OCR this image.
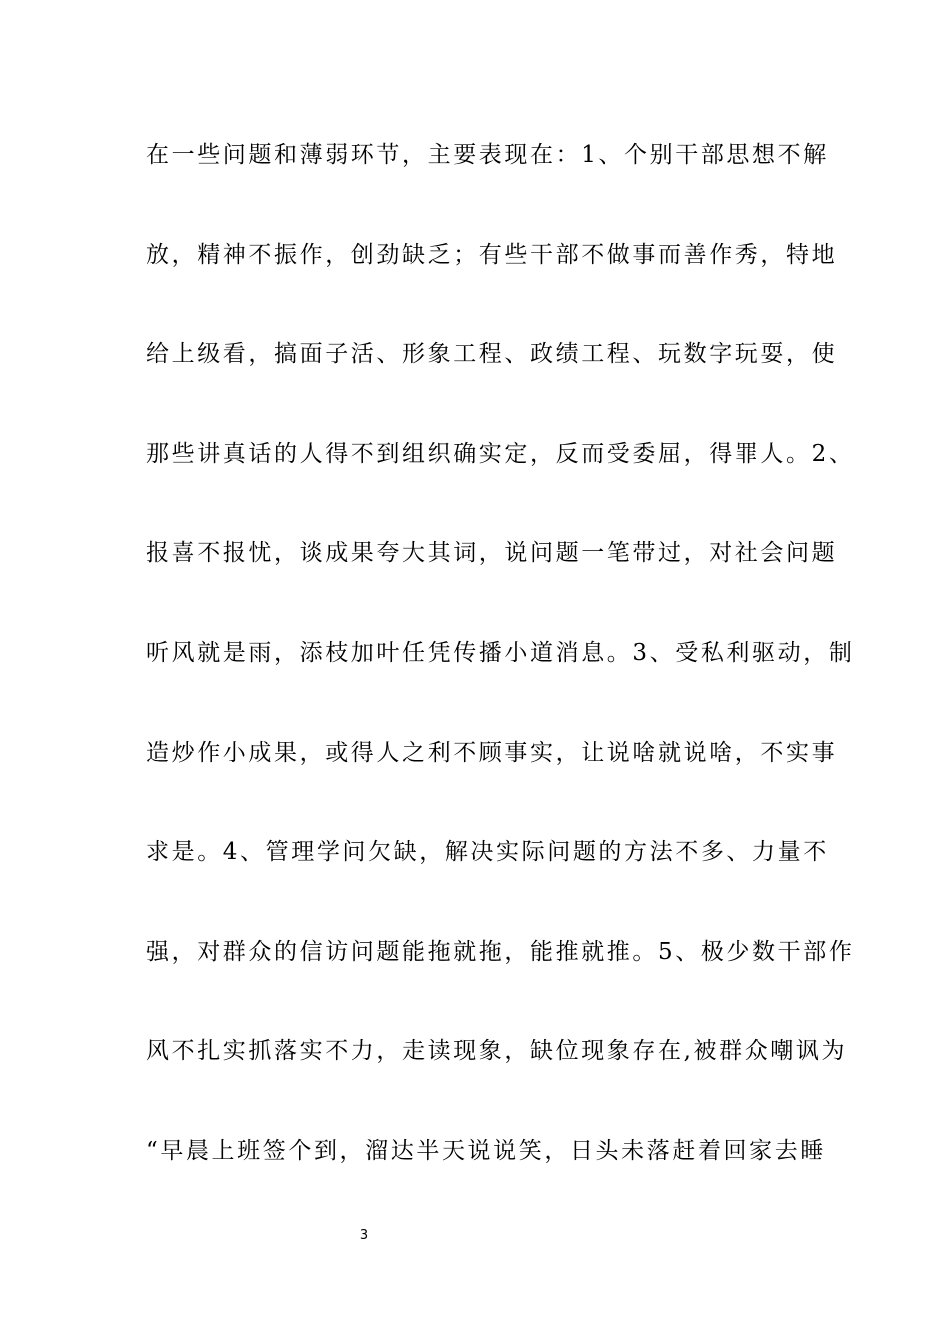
在一些问题和薄弱环节，主要表现在：1、个别干部思想不解
放，精神不振作，创劲缺乏；有些干部不做事而善作秀，特地
给上级看，搞面子活、形象工程、政绩工程、玩数字玩耍，使
那些讲真话的人得不到组织确实定，反而受委屈，得罪人。2、
报喜不报忧，谈成果夸大其词，说问题一笔带过，对社会问题
听风就是雨，添枝加叶任凭传播小道消息。3、受私利驱动，制
造炒作小成果，或得人之利不顾事实，让说啥就说啥，不实事
求是。4、管理学问欠缺，解决实际问题的方法不多、力量不
强，对群众的信访问题能拖就拖，能推就推。5、极少数干部作
风不扎实抓落实不力，走读现象，缺位现象存在,被群众嘲讽为
“早晨上班签个到，溜达半天说说笑，日头未落赶着回家去睡
3
